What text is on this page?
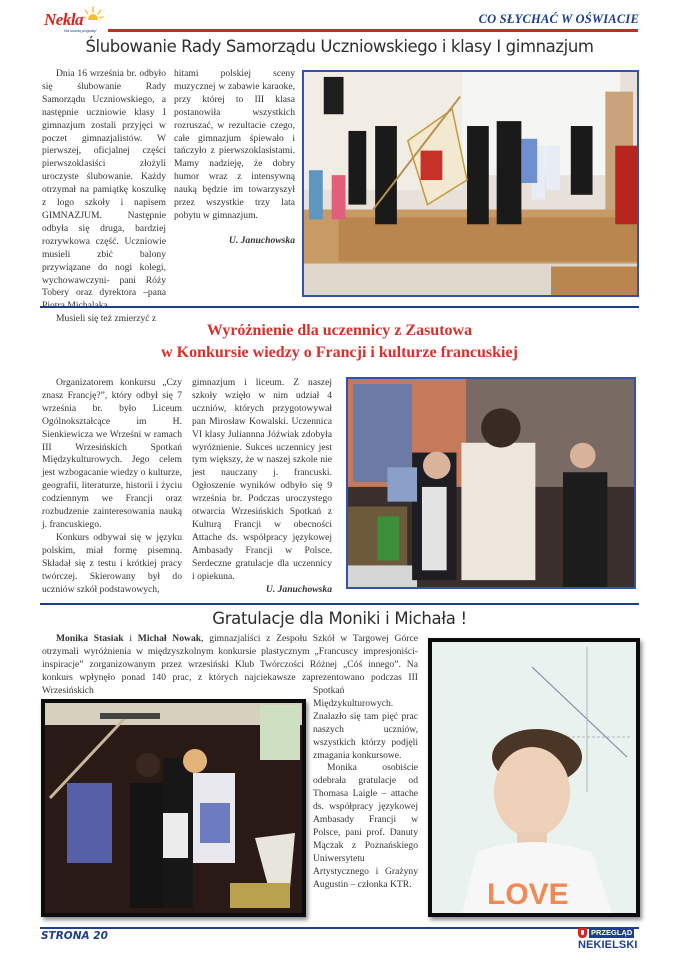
Nekla
Na każdą pogodę!
CO SŁYCHAĆ W OŚWIACIE
Ślubowanie Rady Samorządu Uczniowskiego i klasy I gimnazjum

Dnia 16 września br. odbyło się ślubowanie Rady Samorządu Uczniowskiego, a następnie uczniowie klasy I gimnazjum zostali przyjęci w poczet gimnazjalistów. W pierwszej, oficjalnej części pierwszoklasiści złożyli uroczyste ślubowanie. Każdy otrzymał na pamiątkę koszulkę z logo szkoły i napisem GIMNAZJUM. Następnie odbyła się druga, bardziej rozrywkowa część. Uczniowie musieli zbić balony przywiązane do nogi kolegi, wychowawczyni- pani Róży Tobery oraz dyrektora –pana

Musieli się też zmierzyć z

hitami polskiej sceny muzycznej w zabawie karaoke, przy której to III klasa postanowiła wszystkich rozruszać, w rezultacie czego, całe gimnazjum śpiewało i tańczyło z pierwszoklasistami. Mamy nadzieję, że dobry humor wraz z intensywną nauką będzie im towarzyszył przez wszystkie trzy lata pobytu w gimnazjum.

U. Januchowska
Wyróżnienie dla uczennicy z Zasutowa
w Konkursie wiedzy o Francji i kulturze francuskiej

Organizatorem konkursu „Czy znasz Francję?”, który odbył się 7 września br. było Liceum Ogólnokształcące im H. Sienkiewicza we Wrześni w ramach III Wrzesińskich Spotkań Międzykulturowych. Jego celem jest wzbogacanie wiedzy o kulturze, geografii, literaturze, historii i życiu codziennym we Francji oraz rozbudzenie zainteresowania nauką j. francuskiego.

Konkurs odbywał się w języku polskim, miał formę pisemną. Składał się z testu i krótkiej pracy twórczej. Skierowany był do uczniów szkół podstawowych,

gimnazjum i liceum. Z naszej szkoły wzięło w nim udział 4 uczniów, których przygotowywał pan Mirosław Kowalski. Uczennica VI klasy Juliannna Jóźwiak zdobyła wyróżnienie. Sukces uczennicy jest tym większy, że w naszej szkole nie jest nauczany j. francuski. Ogłoszenie wyników odbyło się 9 września br. Podczas uroczystego otwarcia Wrzesińskich Spotkań z Kulturą Francji w obecności Attache ds. współpracy językowej Ambasady Francji w Polsce. Serdeczne gratulacje dla uczennicy i opiekuna.

U. Januchowska
Gratulacje dla Moniki i Michała !

Monika Stasiak i Michał Nowak, gimnazjaliści z Zespołu Szkół w Targowej Górce otrzymali wyróżnienia w międzyszkolnym konkursie plastycznym „Francuscy impresjoniści-inspiracje” zorganizowanym przez wrzesiński Klub Twórczości Różnej „Cóś innego”. Na konkurs wpłynęło ponad 140 prac, z których najciekawsze zaprezentowano podczas III Wrzesińskich	Spotkań Międzykulturowych. Znalazło się tam pięć prac naszych uczniów, wszystkich którzy podjęli zmagania konkursowe.

Monika osobiście odebrała gratulacje od Thomasa Laigle – attache ds. współpracy językowej Ambasady Francji w Polsce, pani prof. Danuty Mączak z Poznańskiego Uniwersytetu Artystycznego i Grażyny Augustin – członka KTR.	LOVE
STRONA 20	PRZEGLĄD
NEKIELSKI
